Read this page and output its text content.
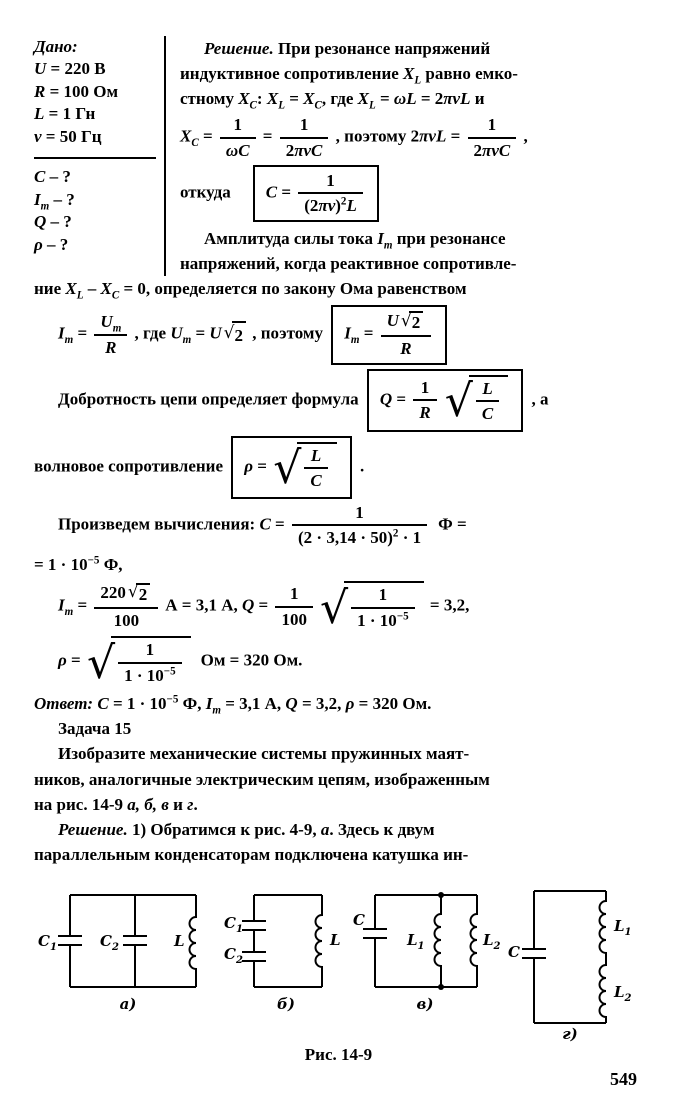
Дано:
U = 220 В
R = 100 Ом
L = 1 Гн
ν = 50 Гц
C – ?
$I_m$ – ?
Q – ?
ρ – ?
Решение. При резонансе напряжений
индуктивное сопротивление $X_L$ равно емко-
стному $X_C$: $X_L = X_C$, где $X_L = \omega L = 2\pi\nu L$ и
$X_C = \frac{1}{\omega C} = \frac{1}{\text{2πνC}}$ , поэтому $2\pi\nu L = \frac{1}{\text{2πνC}}$ ,
откуда $C = \frac{1}{(2\pi\nu)^2L}$
Амплитуда силы тока $I_m$ при резонансе
напряжений, когда реактивное сопротивле-
ние $X_L - X_C = 0$, определяется по закону Ома равенством
$I_m = \frac{U_m}{R}$ , где $U_m = U$ √ 2 , поэтому $I_m = \frac{U √ 2}{R}$
Добротность цепи определяет формула $Q = \frac{1}{R}$ √ $\frac{L}{C}$ , а
волновое сопротивление ρ = √ $\frac{L}{C}$ .
Произведем вычисления: $C = \frac{1}{(2 \cdot 3,14 \cdot 50)^2 \cdot 1}$ Ф =
= $1 \cdot 10^{-5}$ Ф,
$I_m = \frac{220 √ 2}{100}$ А = 3,1 А, $Q = \frac{1}{100}$ √ $\frac{1}{1 \cdot 10^{-5}} = 3,2$,
ρ = √ $\frac{1}{1 \cdot 10^{-5}}$ Ом = 320 Ом.
Ответ: $C = 1 \cdot 10^{-5}$ Ф, $I_m = 3,1$ А, Q = 3,2, ρ = 320 Ом.
Задача 15
Изобразите механические системы пружинных маят-
ников, аналогичные электрическим цепям, изображенным
на рис. 14-9 а, б, в и г.
Решение. 1) Обратимся к рис. 4-9, а. Здесь к двум
параллельным конденсаторам подключена катушка ин-
$C_1$	$C_2$	L
а)
$C_1$
$C_2$
L
б)
C
$L_1$	$L_2$
в)
$L_1$
$L_2$
C
г)
Рис. 14-9
549
